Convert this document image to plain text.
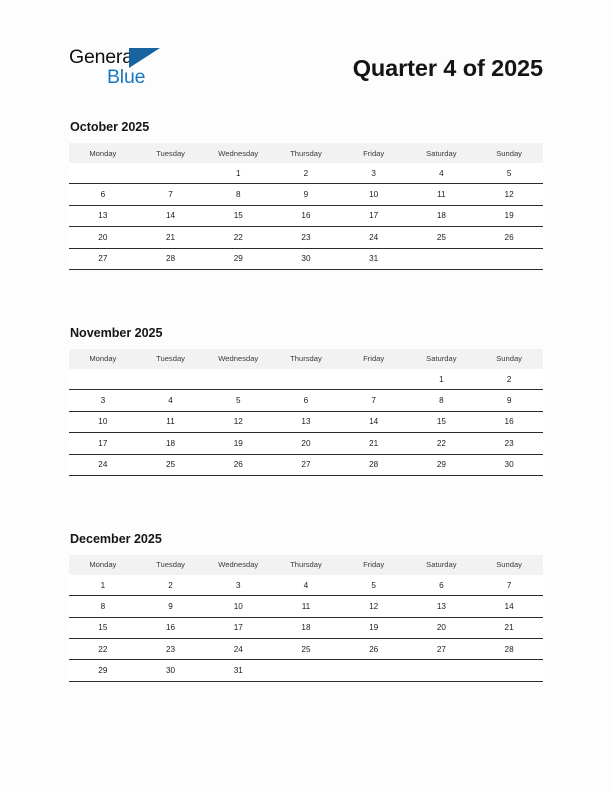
General
Blue	Quarter 4 of 2025
October 2025
Monday	Tuesday	Wednesday	Thursday	Friday	Saturday	Sunday
		1	2	3	4	5
6	7	8	9	10	11	12
13	14	15	16	17	18	19
20	21	22	23	24	25	26
27	28	29	30	31		
November 2025
Monday	Tuesday	Wednesday	Thursday	Friday	Saturday	Sunday
					1	2
3	4	5	6	7	8	9
10	11	12	13	14	15	16
17	18	19	20	21	22	23
24	25	26	27	28	29	30
December 2025
Monday	Tuesday	Wednesday	Thursday	Friday	Saturday	Sunday
1	2	3	4	5	6	7
8	9	10	11	12	13	14
15	16	17	18	19	20	21
22	23	24	25	26	27	28
29	30	31				
